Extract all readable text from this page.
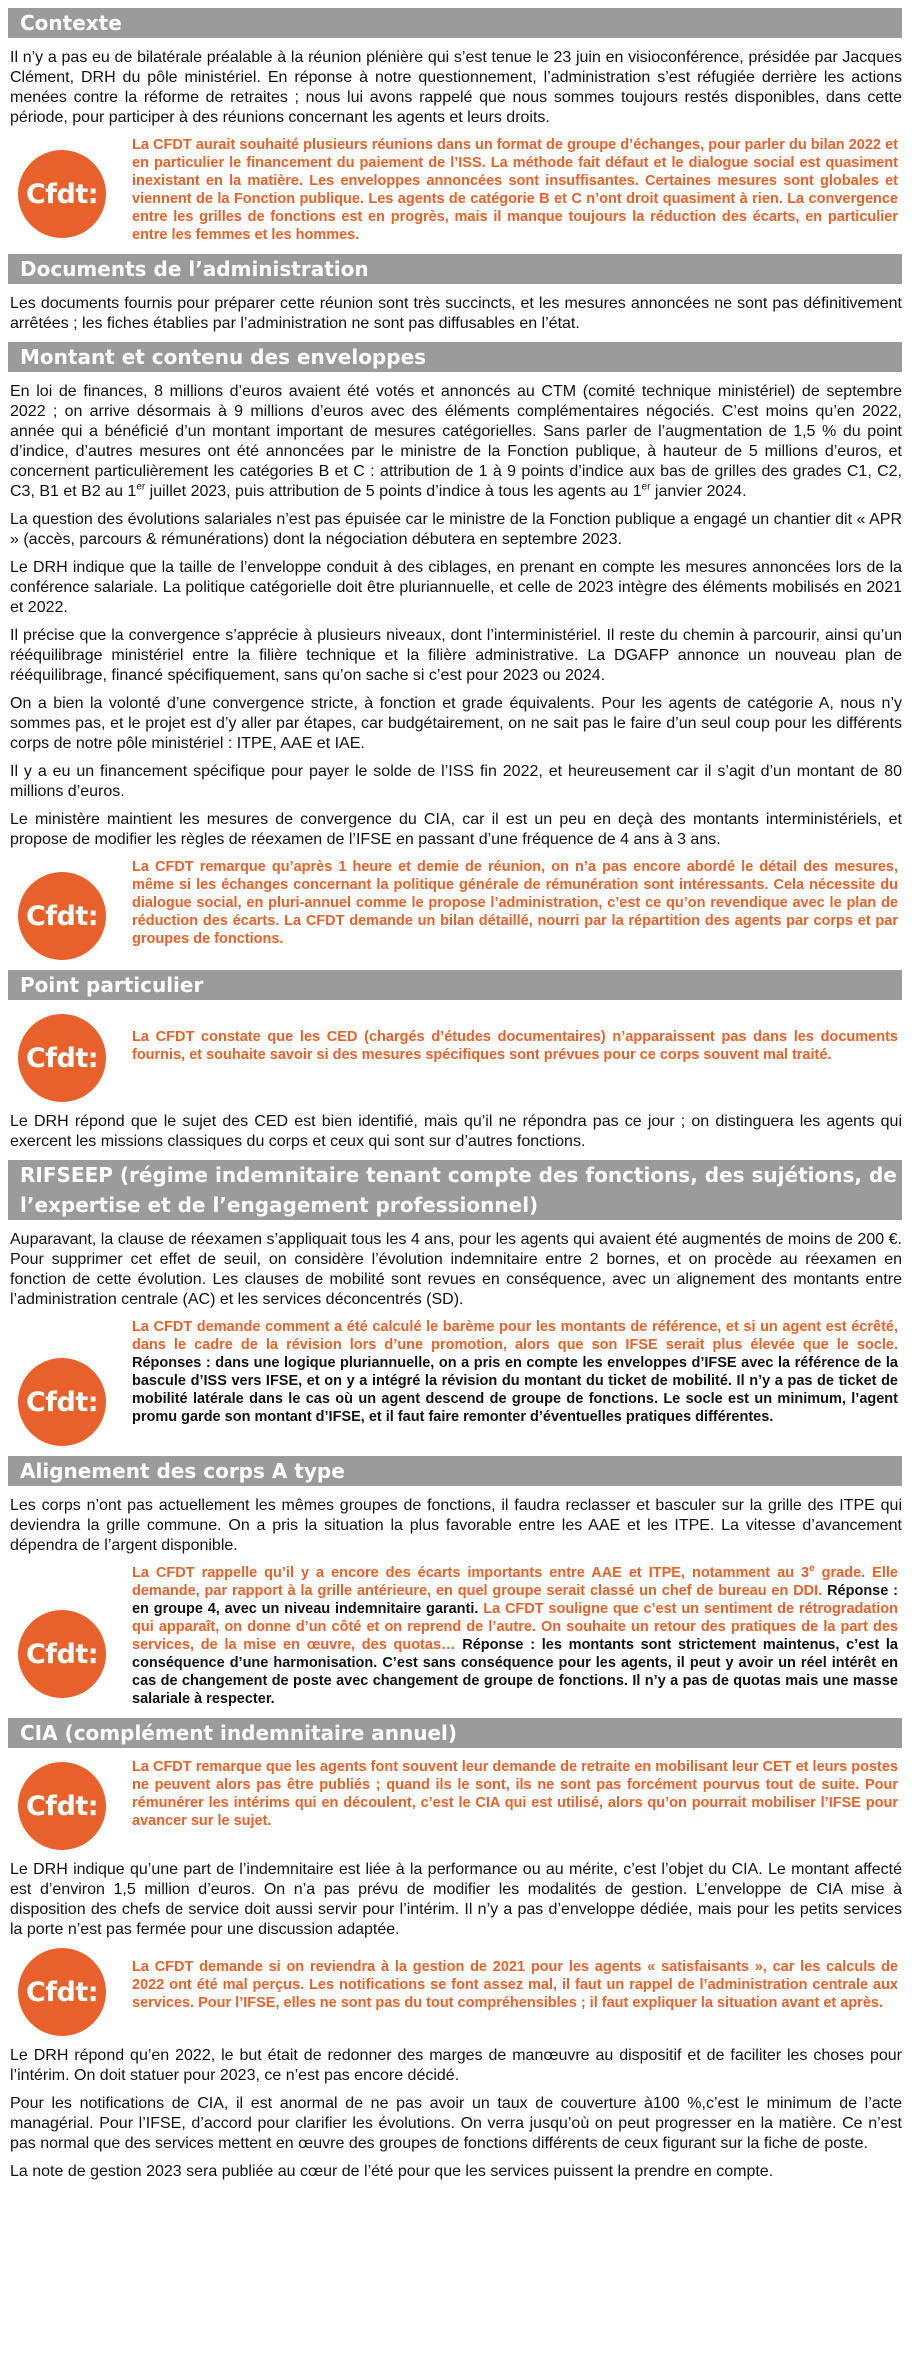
Contexte

Il n’y a pas eu de bilatérale préalable à la réunion plénière qui s’est tenue le 23 juin en visioconférence, présidée par Jacques Clément, DRH du pôle ministériel. En réponse à notre questionnement, l’administration s’est réfugiée derrière les actions menées contre la réforme de retraites ; nous lui avons rappelé que nous sommes toujours restés disponibles, dans cette période, pour participer à des réunions concernant les agents et leurs droits.

Cfdt:
La CFDT aurait souhaité plusieurs réunions dans un format de groupe d’échanges, pour parler du bilan 2022 et en particulier le financement du paiement de l’ISS. La méthode fait défaut et le dialogue social est quasiment inexistant en la matière. Les enveloppes annoncées sont insuffisantes. Certaines mesures sont globales et viennent de la Fonction publique. Les agents de catégorie B et C n’ont droit quasiment à rien. La convergence entre les grilles de fonctions est en progrès, mais il manque toujours la réduction des écarts, en particulier entre les femmes et les hommes.
Documents de l’administration

Les documents fournis pour préparer cette réunion sont très succincts, et les mesures annoncées ne sont pas définitivement arrêtées ; les fiches établies par l’administration ne sont pas diffusables en l’état.

Montant et contenu des enveloppes

En loi de finances, 8 millions d’euros avaient été votés et annoncés au CTM (comité technique ministériel) de septembre 2022 ; on arrive désormais à 9 millions d’euros avec des éléments complémentaires négociés. C’est moins qu’en 2022, année qui a bénéficié d’un montant important de mesures catégorielles. Sans parler de l’augmentation de 1,5 % du point d’indice, d’autres mesures ont été annoncées par le ministre de la Fonction publique, à hauteur de 5 millions d’euros, et concernent particulièrement les catégories B et C : attribution de 1 à 9 points d’indice aux bas de grilles des grades C1, C2, C3, B1 et B2 au 1er juillet 2023, puis attribution de 5 points d’indice à tous les agents au 1er janvier 2024.

La question des évolutions salariales n’est pas épuisée car le ministre de la Fonction publique a engagé un chantier dit « APR » (accès, parcours & rémunérations) dont la négociation débutera en septembre 2023.

Le DRH indique que la taille de l’enveloppe conduit à des ciblages, en prenant en compte les mesures annoncées lors de la conférence salariale. La politique catégorielle doit être pluriannuelle, et celle de 2023 intègre des éléments mobilisés en 2021 et 2022.

Il précise que la convergence s’apprécie à plusieurs niveaux, dont l’interministériel. Il reste du chemin à parcourir, ainsi qu’un rééquilibrage ministériel entre la filière technique et la filière administrative. La DGAFP annonce un nouveau plan de rééquilibrage, financé spécifiquement, sans qu’on sache si c’est pour 2023 ou 2024.

On a bien la volonté d’une convergence stricte, à fonction et grade équivalents. Pour les agents de catégorie A, nous n’y sommes pas, et le projet est d’y aller par étapes, car budgétairement, on ne sait pas le faire d’un seul coup pour les différents corps de notre pôle ministériel : ITPE, AAE et IAE.

Il y a eu un financement spécifique pour payer le solde de l’ISS fin 2022, et heureusement car il s’agit d’un montant de 80 millions d’euros.

Le ministère maintient les mesures de convergence du CIA, car il est un peu en deçà des montants interministériels, et propose de modifier les règles de réexamen de l’IFSE en passant d’une fréquence de 4 ans à 3 ans.

Cfdt:
La CFDT remarque qu’après 1 heure et demie de réunion, on n’a pas encore abordé le détail des mesures, même si les échanges concernant la politique générale de rémunération sont intéressants. Cela nécessite du dialogue social, en pluri-annuel comme le propose l’administration, c’est ce qu’on revendique avec le plan de réduction des écarts. La CFDT demande un bilan détaillé, nourri par la répartition des agents par corps et par groupes de fonctions.
Point particulier
Cfdt:
La CFDT constate que les CED (chargés d’études documentaires) n’apparaissent pas dans les documents fournis, et souhaite savoir si des mesures spécifiques sont prévues pour ce corps souvent mal traité.

Le DRH répond que le sujet des CED est bien identifié, mais qu’il ne répondra pas ce jour ; on distinguera les agents qui exercent les missions classiques du corps et ceux qui sont sur d’autres fonctions.

RIFSEEP (régime indemnitaire tenant compte des fonctions, des sujétions, de l’expertise et de l’engagement professionnel)

Auparavant, la clause de réexamen s’appliquait tous les 4 ans, pour les agents qui avaient été augmentés de moins de 200 €. Pour supprimer cet effet de seuil, on considère l’évolution indemnitaire entre 2 bornes, et on procède au réexamen en fonction de cette évolution. Les clauses de mobilité sont revues en conséquence, avec un alignement des montants entre l’administration centrale (AC) et les services déconcentrés (SD).

Cfdt:
La CFDT demande comment a été calculé le barème pour les montants de référence, et si un agent est écrêté, dans le cadre de la révision lors d’une promotion, alors que son IFSE serait plus élevée que le socle. Réponses : dans une logique pluriannuelle, on a pris en compte les enveloppes d’IFSE avec la référence de la bascule d’ISS vers IFSE, et on y a intégré la révision du montant du ticket de mobilité. Il n’y a pas de ticket de mobilité latérale dans le cas où un agent descend de groupe de fonctions. Le socle est un minimum, l’agent promu garde son montant d’IFSE, et il faut faire remonter d’éventuelles pratiques différentes.
Alignement des corps A type

Les corps n’ont pas actuellement les mêmes groupes de fonctions, il faudra reclasser et basculer sur la grille des ITPE qui deviendra la grille commune. On a pris la situation la plus favorable entre les AAE et les ITPE. La vitesse d’avancement dépendra de l’argent disponible.

Cfdt:
La CFDT rappelle qu’il y a encore des écarts importants entre AAE et ITPE, notamment au 3e grade. Elle demande, par rapport à la grille antérieure, en quel groupe serait classé un chef de bureau en DDI. Réponse : en groupe 4, avec un niveau indemnitaire garanti. La CFDT souligne que c’est un sentiment de rétrogradation qui apparaît, on donne d’un côté et on reprend de l’autre. On souhaite un retour des pratiques de la part des services, de la mise en œuvre, des quotas… Réponse : les montants sont strictement maintenus, c’est la conséquence d’une harmonisation. C’est sans conséquence pour les agents, il peut y avoir un réel intérêt en cas de changement de poste avec changement de groupe de fonctions. Il n’y a pas de quotas mais une masse salariale à respecter.
CIA (complément indemnitaire annuel)
Cfdt:
La CFDT remarque que les agents font souvent leur demande de retraite en mobilisant leur CET et leurs postes ne peuvent alors pas être publiés ; quand ils le sont, ils ne sont pas forcément pourvus tout de suite. Pour rémunérer les intérims qui en découlent, c’est le CIA qui est utilisé, alors qu’on pourrait mobiliser l’IFSE pour avancer sur le sujet.

Le DRH indique qu’une part de l’indemnitaire est liée à la performance ou au mérite, c’est l’objet du CIA. Le montant affecté est d’environ 1,5 million d’euros. On n’a pas prévu de modifier les modalités de gestion. L’enveloppe de CIA mise à disposition des chefs de service doit aussi servir pour l’intérim. Il n’y a pas d’enveloppe dédiée, mais pour les petits services la porte n’est pas fermée pour une discussion adaptée.

Cfdt:
La CFDT demande si on reviendra à la gestion de 2021 pour les agents « satisfaisants », car les calculs de 2022 ont été mal perçus. Les notifications se font assez mal, il faut un rappel de l’administration centrale aux services. Pour l’IFSE, elles ne sont pas du tout compréhensibles ; il faut expliquer la situation avant et après.

Le DRH répond qu’en 2022, le but était de redonner des marges de manœuvre au dispositif et de faciliter les choses pour l’intérim. On doit statuer pour 2023, ce n’est pas encore décidé.

Pour les notifications de CIA, il est anormal de ne pas avoir un taux de couverture à100 %,c’est le minimum de l’acte managérial. Pour l’IFSE, d’accord pour clarifier les évolutions. On verra jusqu’où on peut progresser en la matière. Ce n’est pas normal que des services mettent en œuvre des groupes de fonctions différents de ceux figurant sur la fiche de poste.

La note de gestion 2023 sera publiée au cœur de l’été pour que les services puissent la prendre en compte.
